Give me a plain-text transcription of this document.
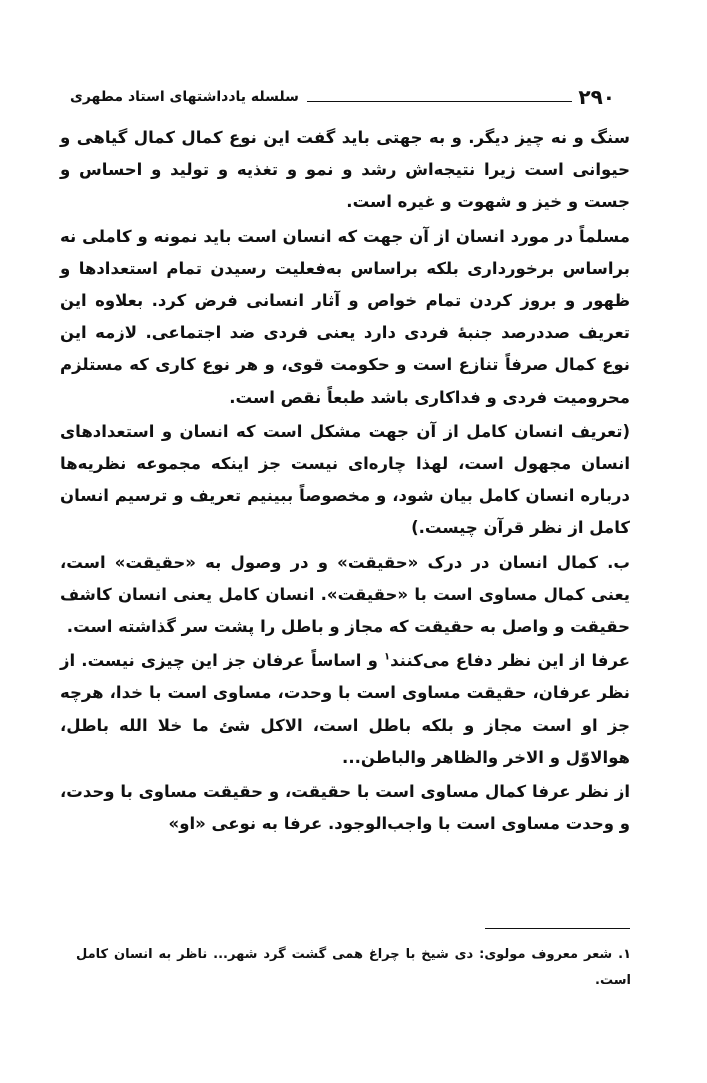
۲۹۰
سلسله یادداشتهای استاد مطهری

سنگ و نه چیز دیگر. و به جهتی باید گفت این نوع کمال کمال گیاهی و حیوانی است زیرا نتیجه‌اش رشد و نمو و تغذیه و تولید و احساس و جست و خیز و شهوت و غیره است.

مسلماً در مورد انسان از آن جهت که انسان است باید نمونه و کاملی نه براساس برخورداری بلکه براساس به‌فعلیت رسیدن تمام استعدادها و ظهور و بروز کردن تمام خواص و آثار انسانی فرض کرد. بعلاوه این تعریف صددرصد جنبهٔ فردی دارد یعنی فردی ضد اجتماعی. لازمه این نوع کمال صرفاً تنازع است و حکومت قوی، و هر نوع کاری که مستلزم محرومیت فردی و فداکاری باشد طبعاً نقص است.

(تعریف انسان کامل از آن جهت مشکل است که انسان و استعدادهای انسان مجهول است، لهذا چاره‌ای نیست جز اینکه مجموعه نظریه‌ها درباره انسان کامل بیان شود، و مخصوصاً ببینیم تعریف و ترسیم انسان کامل از نظر قرآن چیست.)

ب. کمال انسان در درک «حقیقت» و در وصول به «حقیقت» است، یعنی کمال مساوی است با «حقیقت». انسان کامل یعنی انسان کاشف حقیقت و واصل به حقیقت که مجاز و باطل را پشت سر گذاشته است.

عرفا از این نظر دفاع می‌کنند$^۱$ و اساساً عرفان جز این چیزی نیست. از نظر عرفان، حقیقت مساوی است با وحدت، مساوی است با خدا، هرچه جز او است مجاز و بلکه باطل است، الاکل شئ ما خلا الله باطل، هوالاوّل و الاخر والظاهر والباطن...

از نظر عرفا کمال مساوی است با حقیقت، و حقیقت مساوی با وحدت، و وحدت مساوی است با واجب‌الوجود. عرفا به نوعی «او»

۱. شعر معروف مولوی: دی شیخ با چراغ همی گشت گرد شهر... ناظر به انسان کامل است.
